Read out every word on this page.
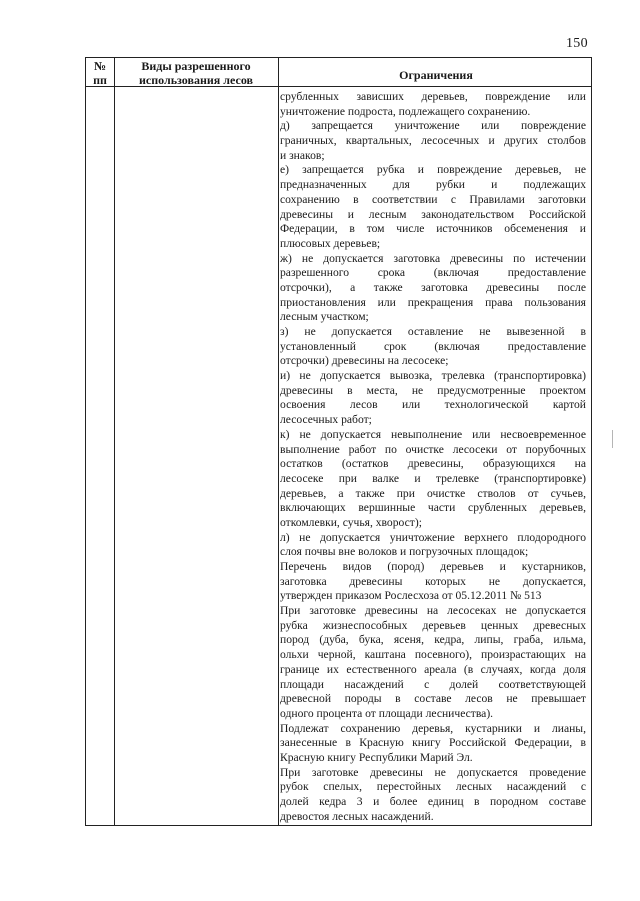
150
№
пп
Виды разрешенного
использования лесов	Ограничения
срубленных зависших деревьев, повреждение или
уничтожение подроста, подлежащего сохранению.
д) запрещается уничтожение или повреждение
граничных, квартальных, лесосечных и других столбов
и знаков;
е) запрещается рубка и повреждение деревьев, не
предназначенных для рубки и подлежащих
сохранению в соответствии с Правилами заготовки
древесины и лесным законодательством Российской
Федерации, в том числе источников обсеменения и
плюсовых деревьев;
ж) не допускается заготовка древесины по истечении
разрешенного срока (включая предоставление
отсрочки), а также заготовка древесины после
приостановления или прекращения права пользования
лесным участком;
з) не допускается оставление не вывезенной в
установленный срок (включая предоставление
отсрочки) древесины на лесосеке;
и) не допускается вывозка, трелевка (транспортировка)
древесины в места, не предусмотренные проектом
освоения лесов или технологической картой
лесосечных работ;
к) не допускается невыполнение или несвоевременное
выполнение работ по очистке лесосеки от порубочных
остатков (остатков древесины, образующихся на
лесосеке при валке и трелевке (транспортировке)
деревьев, а также при очистке стволов от сучьев,
включающих вершинные части срубленных деревьев,
откомлевки, сучья, хворост);
л) не допускается уничтожение верхнего плодородного
слоя почвы вне волоков и погрузочных площадок;
Перечень видов (пород) деревьев и кустарников,
заготовка древесины которых не допускается,
утвержден приказом Рослесхоза от 05.12.2011 № 513
При заготовке древесины на лесосеках не допускается
рубка жизнеспособных деревьев ценных древесных
пород (дуба, бука, ясеня, кедра, липы, граба, ильма,
ольхи черной, каштана посевного), произрастающих на
границе их естественного ареала (в случаях, когда доля
площади насаждений с долей соответствующей
древесной породы в составе лесов не превышает
одного процента от площади лесничества).
Подлежат сохранению деревья, кустарники и лианы,
занесенные в Красную книгу Российской Федерации, в
Красную книгу Республики Марий Эл.
При заготовке древесины не допускается проведение
рубок спелых, перестойных лесных насаждений с
долей кедра 3 и более единиц в породном составе
древостоя лесных насаждений.
